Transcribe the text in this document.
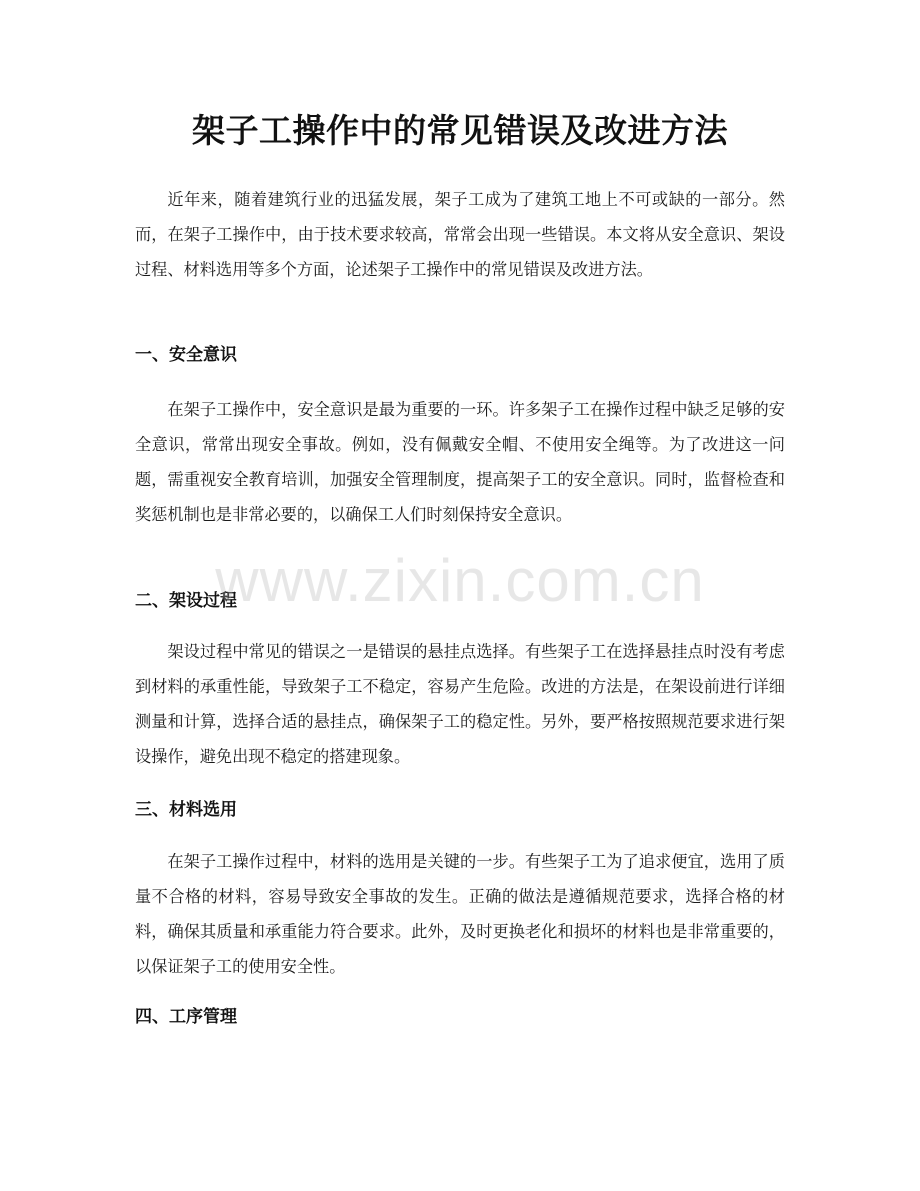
架子工操作中的常见错误及改进方法

近年来，随着建筑行业的迅猛发展，架子工成为了建筑工地上不可或缺的一部分。然而，在架子工操作中，由于技术要求较高，常常会出现一些错误。本文将从安全意识、架设过程、材料选用等多个方面，论述架子工操作中的常见错误及改进方法。

一、安全意识

在架子工操作中，安全意识是最为重要的一环。许多架子工在操作过程中缺乏足够的安全意识，常常出现安全事故。例如，没有佩戴安全帽、不使用安全绳等。为了改进这一问题，需重视安全教育培训，加强安全管理制度，提高架子工的安全意识。同时，监督检查和奖惩机制也是非常必要的，以确保工人们时刻保持安全意识。

二、架设过程

架设过程中常见的错误之一是错误的悬挂点选择。有些架子工在选择悬挂点时没有考虑到材料的承重性能，导致架子工不稳定，容易产生危险。改进的方法是，在架设前进行详细测量和计算，选择合适的悬挂点，确保架子工的稳定性。另外，要严格按照规范要求进行架设操作，避免出现不稳定的搭建现象。

三、材料选用

在架子工操作过程中，材料的选用是关键的一步。有些架子工为了追求便宜，选用了质量不合格的材料，容易导致安全事故的发生。正确的做法是遵循规范要求，选择合格的材料，确保其质量和承重能力符合要求。此外，及时更换老化和损坏的材料也是非常重要的，以保证架子工的使用安全性。

四、工序管理
www.zixin.com.cn
